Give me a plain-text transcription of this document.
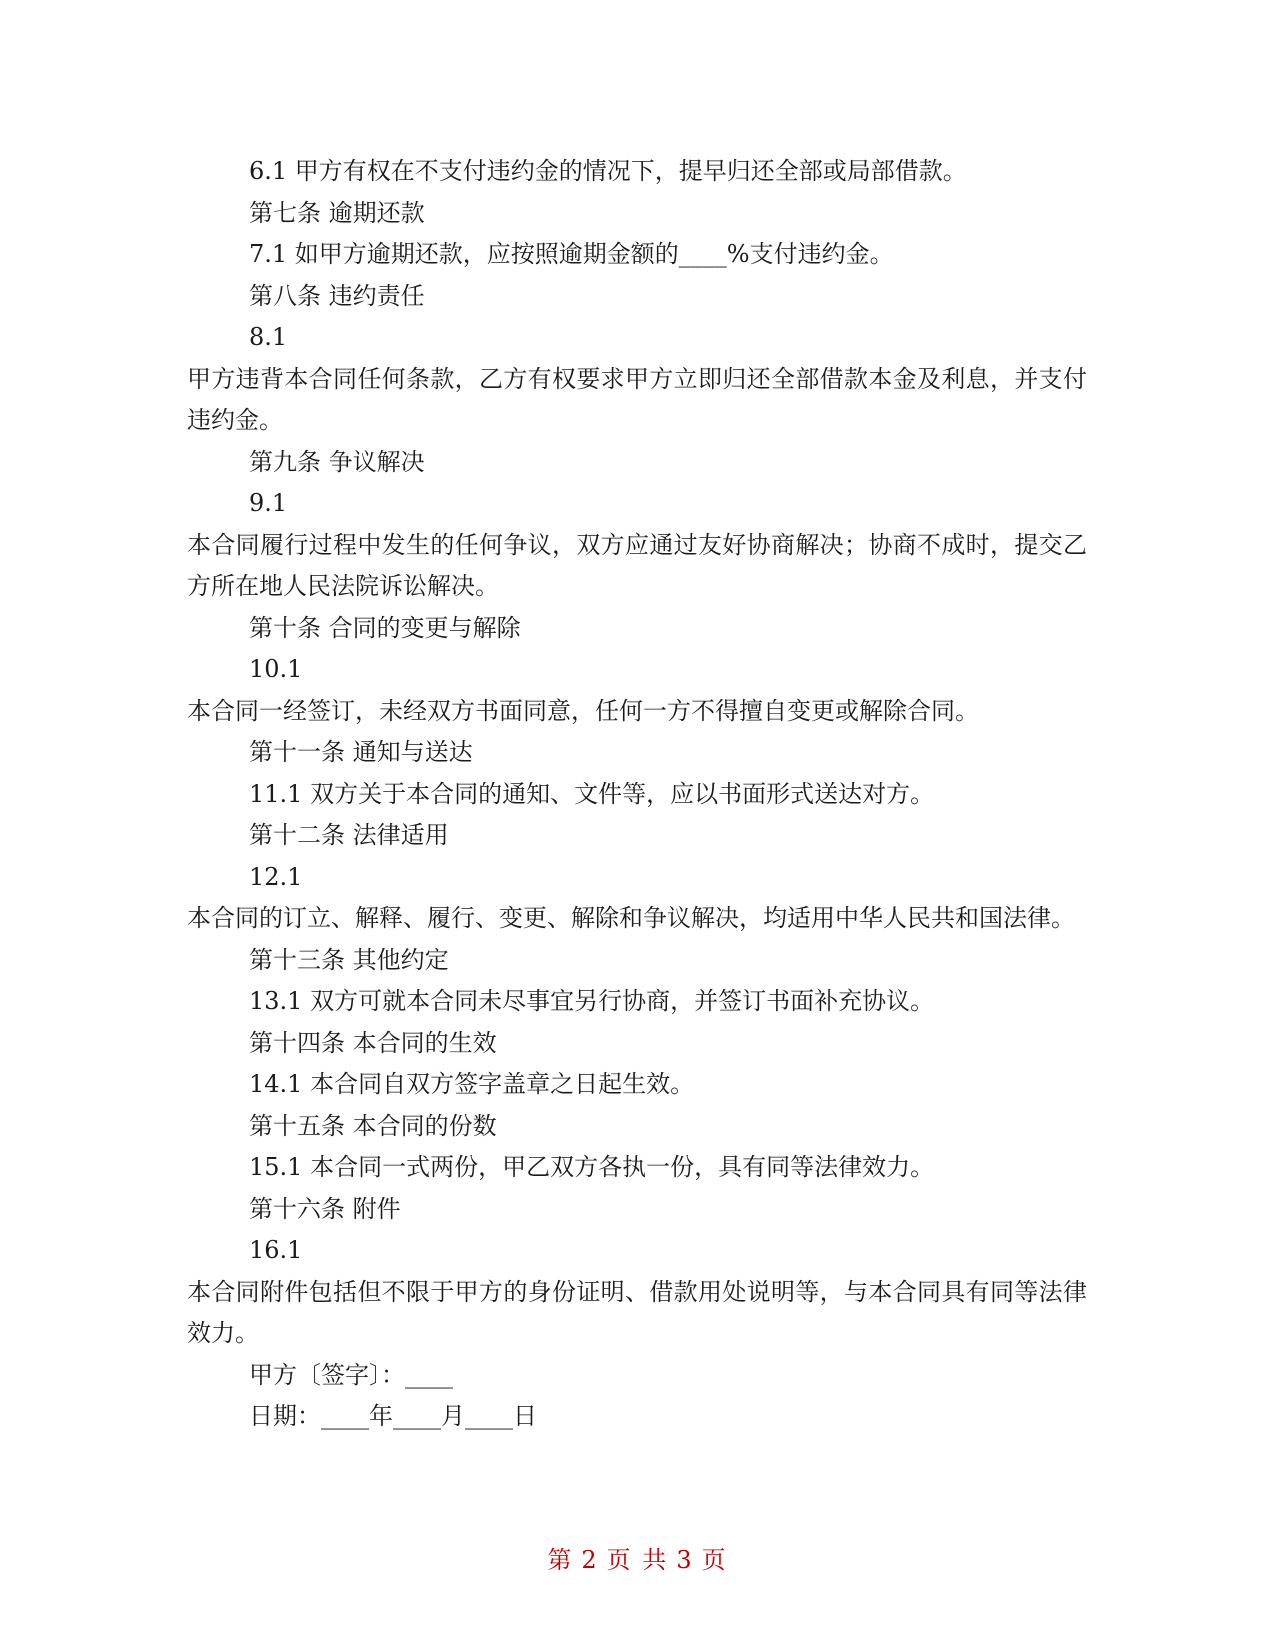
6.1 甲方有权在不支付违约金的情况下，提早归还全部或局部借款。
第七条 逾期还款
7.1 如甲方逾期还款，应按照逾期金额的____%支付违约金。
第八条 违约责任
8.1
甲方违背本合同任何条款，乙方有权要求甲方立即归还全部借款本金及利息，并支付违约金。
第九条 争议解决
9.1
本合同履行过程中发生的任何争议，双方应通过友好协商解决；协商不成时，提交乙方所在地人民法院诉讼解决。
第十条 合同的变更与解除
10.1
本合同一经签订，未经双方书面同意，任何一方不得擅自变更或解除合同。
第十一条 通知与送达
11.1 双方关于本合同的通知、文件等，应以书面形式送达对方。
第十二条 法律适用
12.1
本合同的订立、解释、履行、变更、解除和争议解决，均适用中华人民共和国法律。
第十三条 其他约定
13.1 双方可就本合同未尽事宜另行协商，并签订书面补充协议。
第十四条 本合同的生效
14.1 本合同自双方签字盖章之日起生效。
第十五条 本合同的份数
15.1 本合同一式两份，甲乙双方各执一份，具有同等法律效力。
第十六条 附件
16.1
本合同附件包括但不限于甲方的身份证明、借款用处说明等，与本合同具有同等法律效力。
甲方〔签字〕：____
日期：____年____月____日
第 2 页 共 3 页
